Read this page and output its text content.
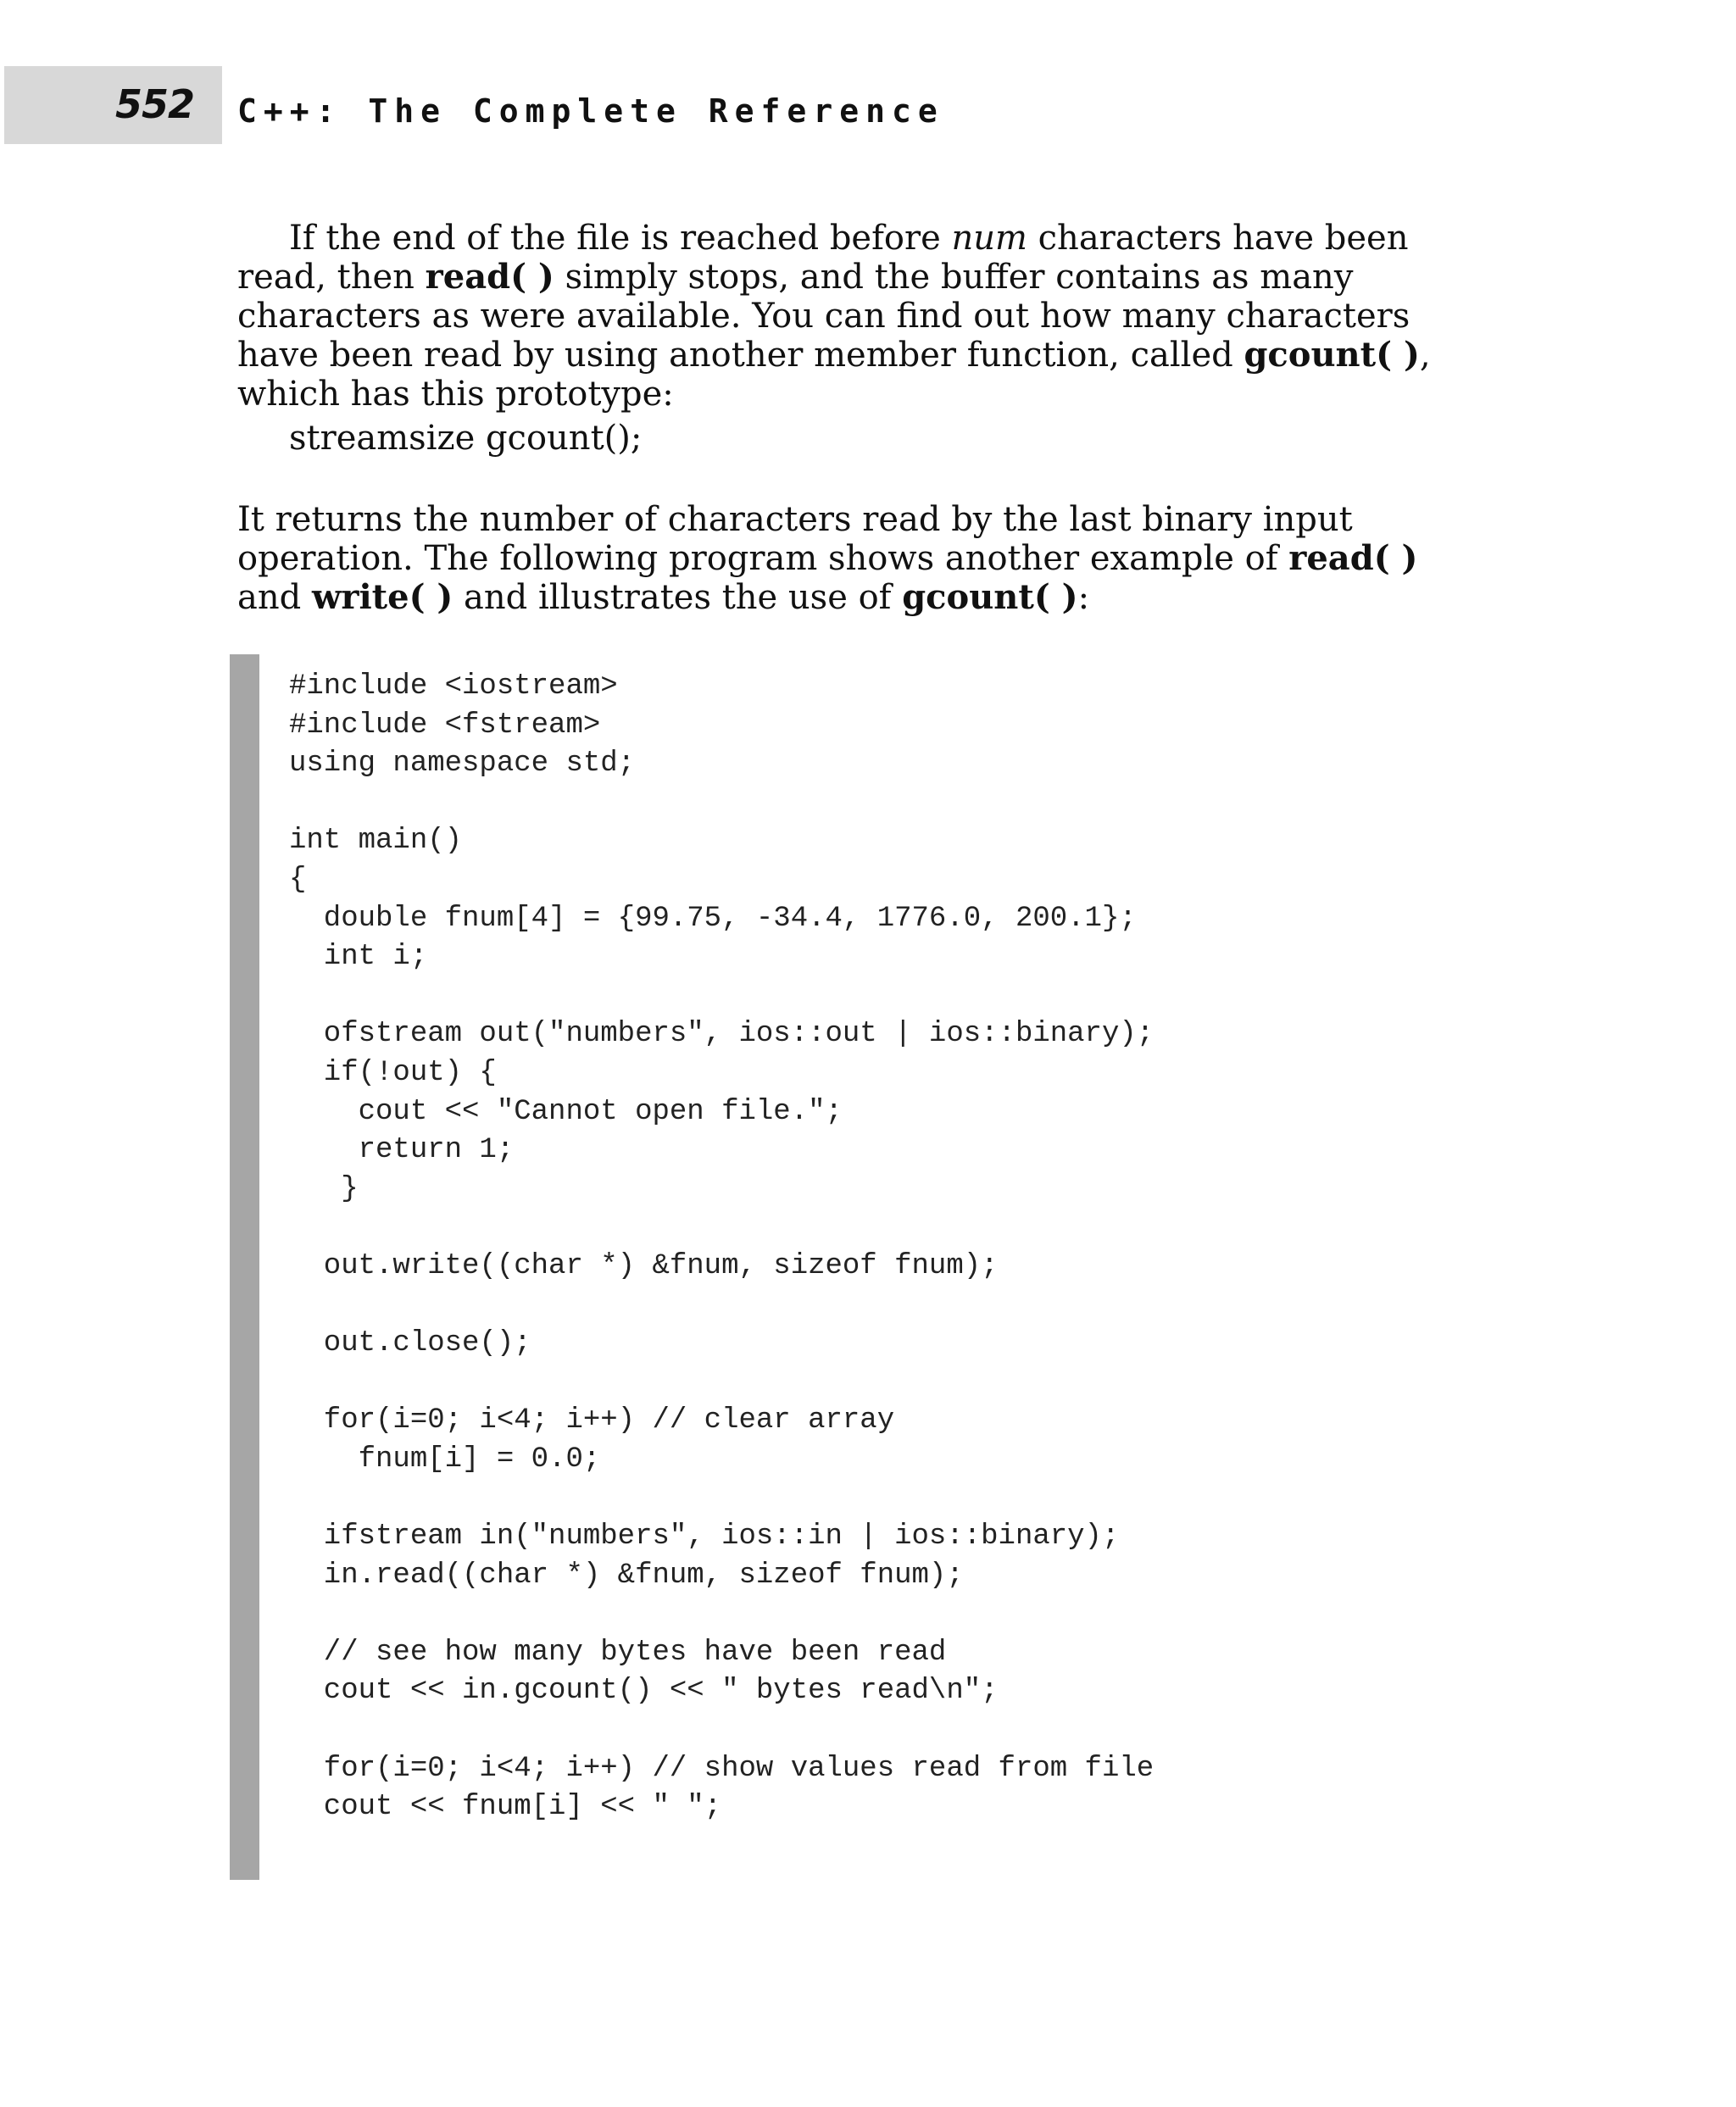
552 C++: The Complete Reference

If the end of the file is reached before num characters have been read, then read( ) simply stops, and the buffer contains as many characters as were available. You can find out how many characters have been read by using another member function, called gcount( ), which has this prototype:

streamsize gcount();

It returns the number of characters read by the last binary input operation. The following program shows another example of read( ) and write( ) and illustrates the use of gcount( ):

#include <iostream>
#include <fstream>
using namespace std;

int main()
{
double fnum[4] = {99.75, -34.4, 1776.0, 200.1};
int i;

ofstream out("numbers", ios::out | ios::binary);
if(!out) {
cout << "Cannot open file.";
return 1;
}

out.write((char *) &fnum, sizeof fnum);

out.close();

for(i=0; i<4; i++) // clear array
fnum[i] = 0.0;

ifstream in("numbers", ios::in | ios::binary);
in.read((char *) &fnum, sizeof fnum);

// see how many bytes have been read
cout << in.gcount() << " bytes read\n";

for(i=0; i<4; i++) // show values read from file
cout << fnum[i] << " ";
